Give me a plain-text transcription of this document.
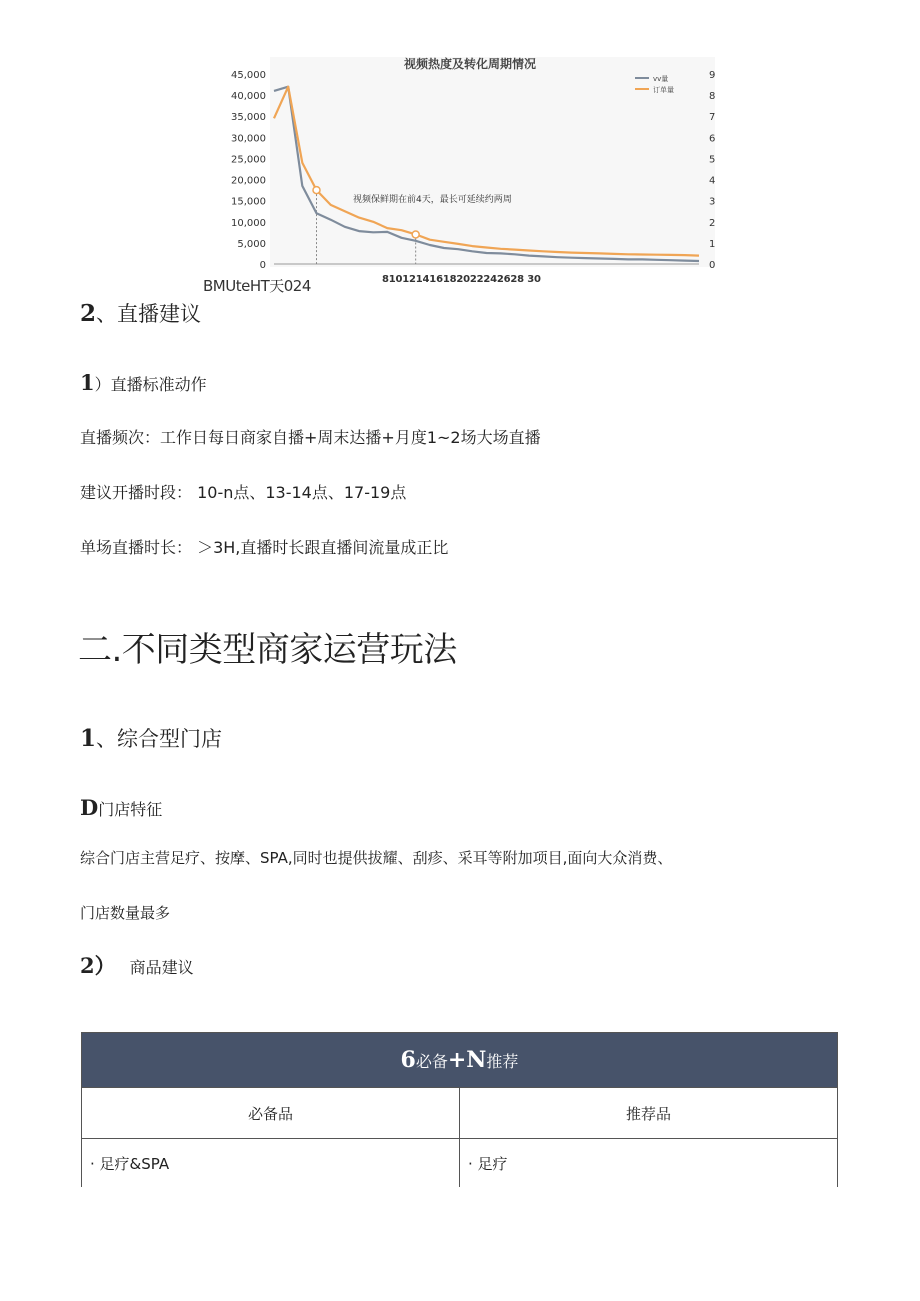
视频热度及转化周期情况
45,000
40,000
35,000
30,000
25,000
20,000
15,000
10,000
5,000
0
9
8
7
6
5
4
3
2
1
0
视频保鲜期在前4天，最长可延续约两周
vv量
订单量
BMUteHT天024	810121416182022242628 30
2、直播建议
1）直播标准动作
直播频次：工作日每日商家自播+周末达播+月度1~2场大场直播
建议开播时段： 10-n点、13-14点、17-19点
单场直播时长： ＞3H,直播时长跟直播间流量成正比
二.不同类型商家运营玩法
1、综合型门店
D门店特征
综合门店主营足疗、按摩、SPA,同时也提供拔耀、刮疹、采耳等附加项目,面向大众消费、
门店数量最多
2） 商品建议
6必备+N推荐	
必备品	推荐品
· 足疗&SPA	· 足疗
